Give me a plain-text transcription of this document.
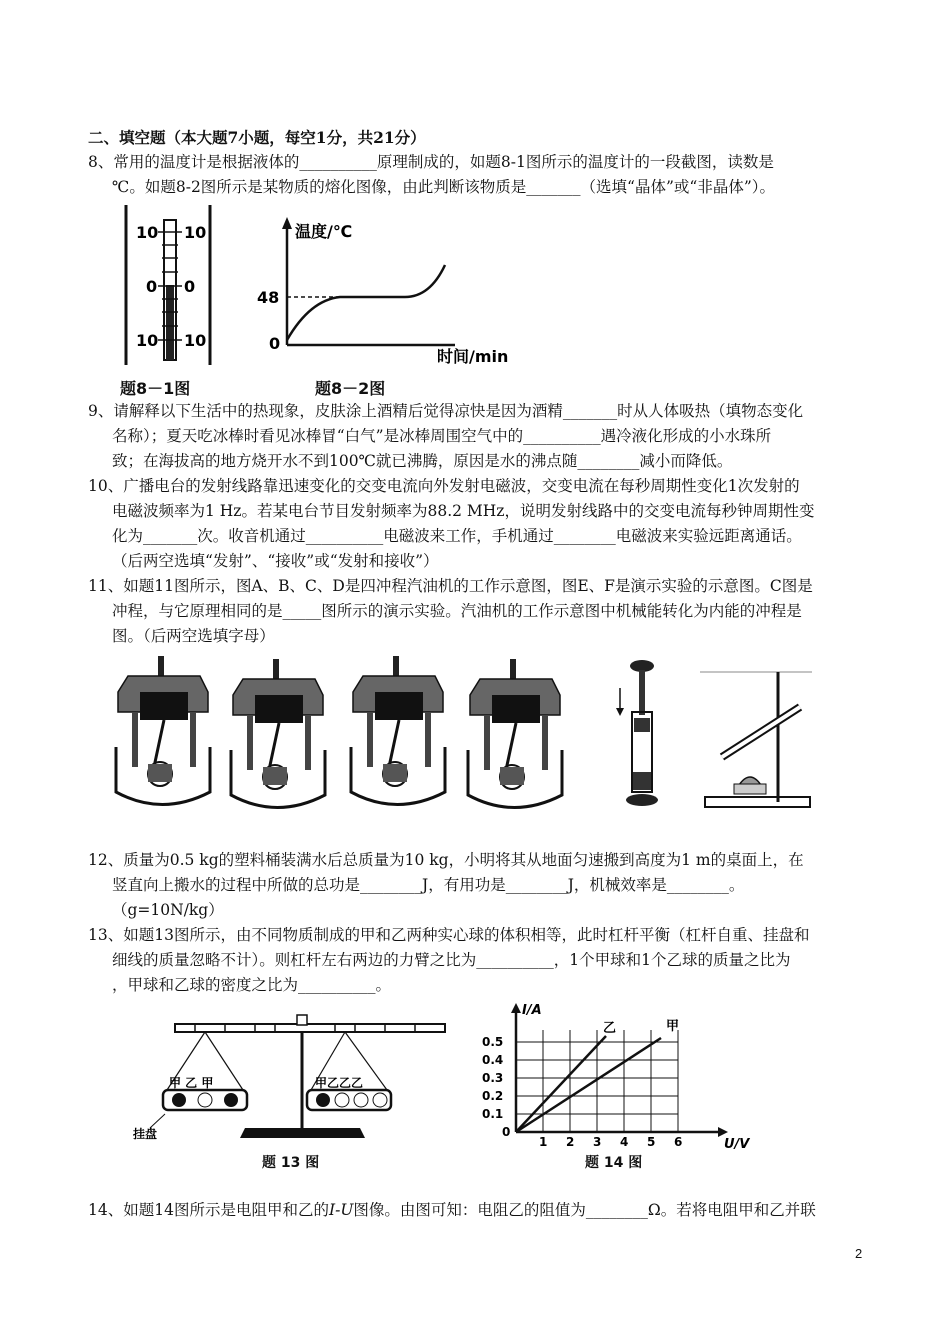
二、填空题（本大题7小题，每空1分，共21分）
8、常用的温度计是根据液体的__________原理制成的，如题8-1图所示的温度计的一段截图，读数是
℃。如题8-2图所示是某物质的熔化图像，由此判断该物质是_______（选填“晶体”或“非晶体”）。
10
0
10
10
0
10
题8－1图
温度/℃
48
0
时间/min
题8－2图
9、请解释以下生活中的热现象，皮肤涂上酒精后觉得凉快是因为酒精_______时从人体吸热（填物态变化
名称）；夏天吃冰棒时看见冰棒冒“白气”是冰棒周围空气中的__________遇冷液化形成的小水珠所
致；在海拔高的地方烧开水不到100℃就已沸腾，原因是水的沸点随________减小而降低。
10、广播电台的发射线路靠迅速变化的交变电流向外发射电磁波，交变电流在每秒周期性变化1次发射的
电磁波频率为1 Hz。若某电台节目发射频率为88.2 MHz，说明发射线路中的交变电流每秒钟周期性变
化为_______次。收音机通过__________电磁波来工作，手机通过________电磁波来实验远距离通话。
（后两空选填“发射”、“接收”或“发射和接收”）
11、如题11图所示，图A、B、C、D是四冲程汽油机的工作示意图，图E、F是演示实验的示意图。C图是
冲程，与它原理相同的是_____图所示的演示实验。汽油机的工作示意图中机械能转化为内能的冲程是
图。（后两空选填字母）
12、质量为0.5 kg的塑料桶装满水后总质量为10 kg，小明将其从地面匀速搬到高度为1 m的桌面上，在
竖直向上搬水的过程中所做的总功是________J，有用功是________J，机械效率是________。
（g=10N/kg）
13、如题13图所示，由不同物质制成的甲和乙两种实心球的体积相等，此时杠杆平衡（杠杆自重、挂盘和
细线的质量忽略不计）。则杠杆左右两边的力臂之比为__________，1个甲球和1个乙球的质量之比为
，甲球和乙球的密度之比为__________。
甲 乙 甲	甲乙乙乙
挂盘
题 13 图
I/A
U/V
乙	甲
0.5
0.4
0.3
0.2
0.1
0
1 2 3 4 5 6
题 14 图
14、如题14图所示是电阻甲和乙的I-U图像。由图可知：电阻乙的阻值为________Ω。若将电阻甲和乙并联
2
